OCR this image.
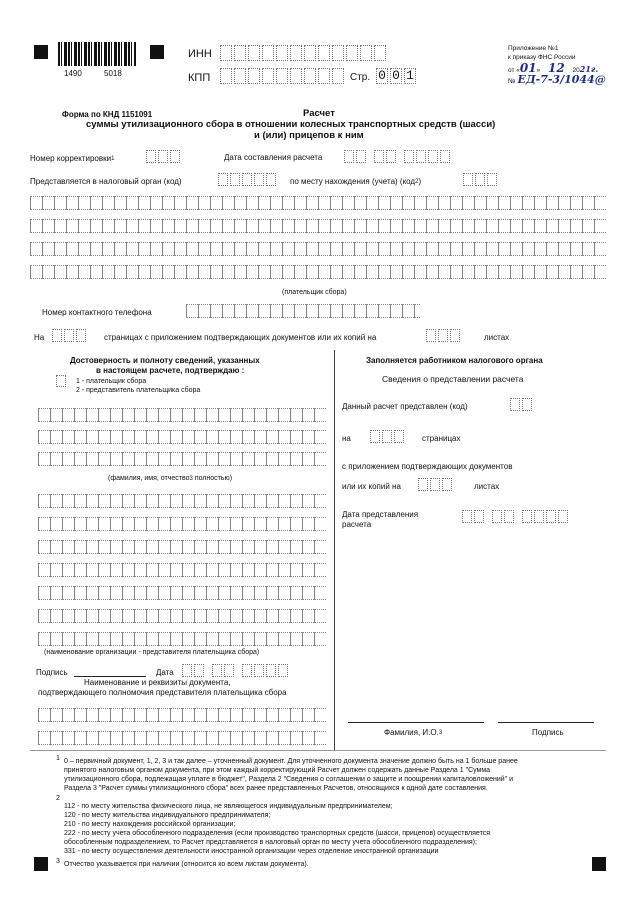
1490	5018
ИНН
КПП	Стр. 0 0 1
Приложение №1
к приказу ФНС России
от «01» 12 2021г.
№ ЕД-7-3/1044@
Форма по КНД 1151091	Расчет
суммы утилизационного сбора в отношении колесных транспортных средств (шасси)
и (или) прицепов к ним
Номер корректировки$^1$	Дата составления расчета
Представляется в налоговый орган (код)	по месту нахождения (учета) (код$^2$)
(плательщик сбора)
Номер контактного телефона
На	страницах с приложением подтверждающих документов или их копий на	листах
Достоверность и полноту сведений, указанных
в настоящем расчете, подтверждаю :
1 - плательщик сбора
2 - представитель плательщика сбора
(фамилия, имя, отчество3 полностью)
(наименование организации - представителя плательщика сбора)
Подпись	Дата
Наименование и реквизиты документа,
подтверждающего полномочия представителя плательщика сбора
Заполняется работником налогового органа
Сведения о представлении расчета
Данный расчет представлен (код)
на	страницах
с приложением подтверждающих документов
или их копий на	листах
Дата представления
расчета
Фамилия, И.О.$^3$	Подпись
1 0 – первичный документ, 1, 2, 3 и так далее – уточненный документ. Для уточненного документа значение должно быть на 1 больше ранее
принятого налоговым органом документа, при этом каждый корректирующий Расчет должен содержать данные Раздела 1 "Сумма
утилизационного сбора, подлежащая уплате в бюджет", Раздела 2 "Сведения о соглашении о защите и поощрении капиталовложений" и
Раздела 3 "Расчет суммы утилизационного сбора" всех ранее представленных Расчетов, относящихся к одной дате составления.
2
112 - по месту жительства физического лица, не являющегося индивидуальным предпринимателем;
120 - по месту жительства индивидуального предпринимателя;
210 - по месту нахождения российской организации;
222 - по месту учета обособленного подразделения (если производство транспортных средств (шасси, прицепов) осуществляется
обособленным подразделением, то Расчет представляется в налоговый орган по месту учета обособленного подразделения);
331 - по месту осуществления деятельности иностранной организации через отделение иностранной организации
3 Отчество указывается при наличии (относится ко всем листам документа).
